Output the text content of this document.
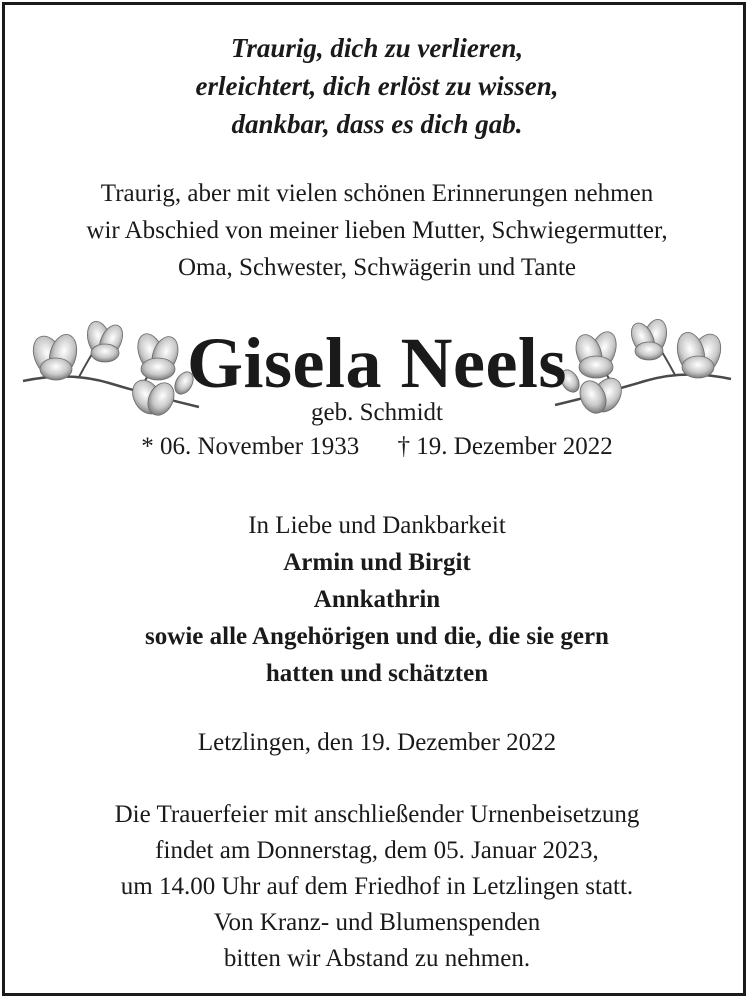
Traurig, dich zu verlieren,
erleichtert, dich erlöst zu wissen,
dankbar, dass es dich gab.
Traurig, aber mit vielen schönen Erinnerungen nehmen
wir Abschied von meiner lieben Mutter, Schwiegermutter,
Oma, Schwester, Schwägerin und Tante
Gisela Neels
geb. Schmidt
* 06. November 1933 † 19. Dezember 2022
In Liebe und Dankbarkeit
Armin und Birgit
Annkathrin
sowie alle Angehörigen und die, die sie gern
hatten und schätzten
Letzlingen, den 19. Dezember 2022
Die Trauerfeier mit anschließender Urnenbeisetzung
findet am Donnerstag, dem 05. Januar 2023,
um 14.00 Uhr auf dem Friedhof in Letzlingen statt.
Von Kranz- und Blumenspenden
bitten wir Abstand zu nehmen.
